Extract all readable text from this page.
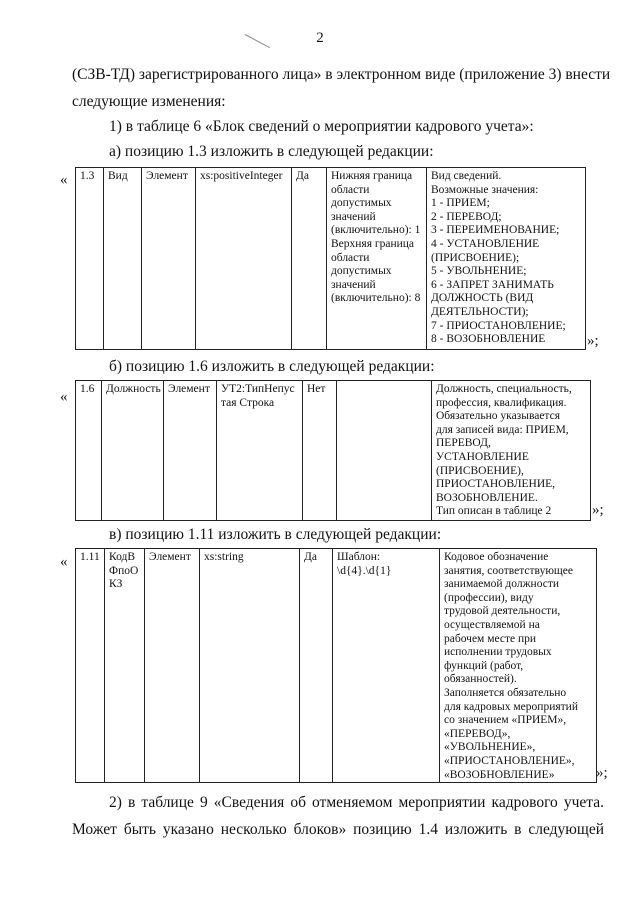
2
(СЗВ-ТД) зарегистрированного лица» в электронном виде (приложение 3) внести
следующие изменения:
1) в таблице 6 «Блок сведений о мероприятии кадрового учета»:
а) позицию 1.3 изложить в следующей редакции:
« 1.3	Вид	Элемент	xs:positiveInteger	Да	Нижняя граница
области
допустимых
значений
(включительно): 1
Верхняя граница
области
допустимых
значений
(включительно): 8	Вид сведений.
Возможные значения:
1 - ПРИЕМ;
2 - ПЕРЕВОД;
3 - ПЕРЕИМЕНОВАНИЕ;
4 - УСТАНОВЛЕНИЕ
(ПРИСВОЕНИЕ);
5 - УВОЛЬНЕНИЕ;
6 - ЗАПРЕТ ЗАНИМАТЬ
ДОЛЖНОСТЬ (ВИД
ДЕЯТЕЛЬНОСТИ);
7 - ПРИОСТАНОВЛЕНИЕ;
8 - ВОЗОБНОВЛЕНИЕ	»;
б) позицию 1.6 изложить в следующей редакции:
« 1.6	Должность	Элемент	УТ2:ТипНепус
тая Строка	Нет		Должность, специальность,
профессия, квалификация.
Обязательно указывается
для записей вида: ПРИЕМ,
ПЕРЕВОД,
УСТАНОВЛЕНИЕ
(ПРИСВОЕНИЕ),
ПРИОСТАНОВЛЕНИЕ,
ВОЗОБНОВЛЕНИЕ.
Тип описан в таблице 2	»;
в) позицию 1.11 изложить в следующей редакции:
« 1.11	КодВ
ФпоО
КЗ	Элемент	xs:string	Да	Шаблон:
\d{4}.\d{1}	Кодовое обозначение
занятия, соответствующее
занимаемой должности
(профессии), виду
трудовой деятельности,
осуществляемой на
рабочем месте при
исполнении трудовых
функций (работ,
обязанностей).
Заполняется обязательно
для кадровых мероприятий
со значением «ПРИЕМ»,
«ПЕРЕВОД»,
«УВОЛЬНЕНИЕ»,
«ПРИОСТАНОВЛЕНИЕ»,
«ВОЗОБНОВЛЕНИЕ»	»;
2) в таблице 9 «Сведения об отменяемом мероприятии кадрового учета.
Может быть указано несколько блоков» позицию 1.4 изложить в следующей
